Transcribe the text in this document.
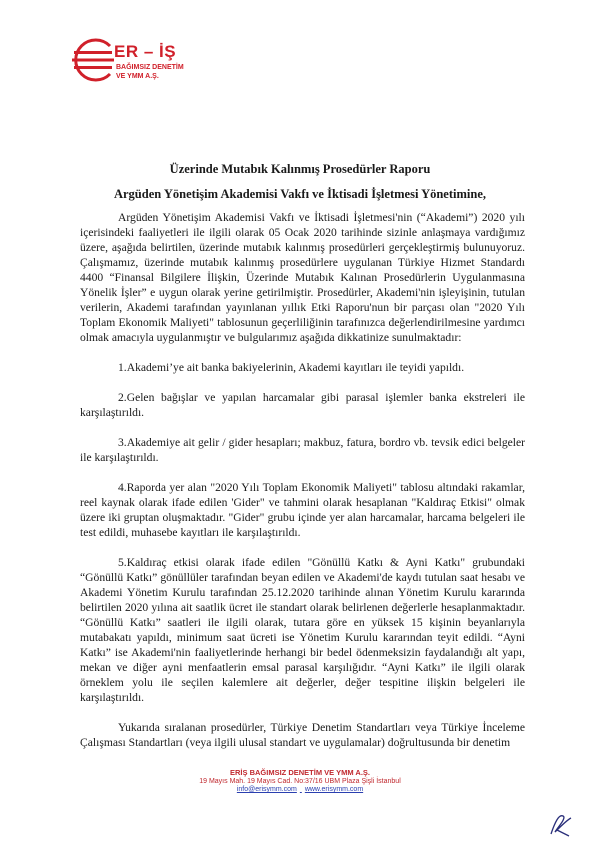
ER – İŞ
BAĞIMSIZ DENETİM
VE YMM A.Ş.
Üzerinde Mutabık Kalınmış Prosedürler Raporu
Argüden Yönetişim Akademisi Vakfı ve İktisadi İşletmesi Yönetimine,

Argüden Yönetişim Akademisi Vakfı ve İktisadi İşletmesi'nin (“Akademi”) 2020 yılı içerisindeki faaliyetleri ile ilgili olarak 05 Ocak 2020 tarihinde sizinle anlaşmaya vardığımız üzere, aşağıda belirtilen, üzerinde mutabık kalınmış prosedürleri gerçekleştirmiş bulunuyoruz. Çalışmamız, üzerinde mutabık kalınmış prosedürlere uygulanan Türkiye Hizmet Standardı 4400 “Finansal Bilgilere İlişkin, Üzerinde Mutabık Kalınan Prosedürlerin Uygulanmasına Yönelik İşler” e uygun olarak yerine getirilmiştir. Prosedürler, Akademi'nin işleyişinin, tutulan verilerin, Akademi tarafından yayınlanan yıllık Etki Raporu'nun bir parçası olan "2020 Yılı Toplam Ekonomik Maliyeti" tablosunun geçerliliğinin tarafınızca değerlendirilmesine yardımcı olmak amacıyla uygulanmıştır ve bulgularımız aşağıda dikkatinize sunulmaktadır:

1.Akademi’ye ait banka bakiyelerinin, Akademi kayıtları ile teyidi yapıldı.

2.Gelen bağışlar ve yapılan harcamalar gibi parasal işlemler banka ekstreleri ile karşılaştırıldı.

3.Akademiye ait gelir / gider hesapları; makbuz, fatura, bordro vb. tevsik edici belgeler ile karşılaştırıldı.

4.Raporda yer alan "2020 Yılı Toplam Ekonomik Maliyeti" tablosu altındaki rakamlar, reel kaynak olarak ifade edilen 'Gider" ve tahmini olarak hesaplanan "Kaldıraç Etkisi" olmak üzere iki gruptan oluşmaktadır. "Gider" grubu içinde yer alan harcamalar, harcama belgeleri ile test edildi, muhasebe kayıtları ile karşılaştırıldı.

5.Kaldıraç etkisi olarak ifade edilen "Gönüllü Katkı & Ayni Katkı" grubundaki “Gönüllü Katkı” gönüllüler tarafından beyan edilen ve Akademi'de kaydı tutulan saat hesabı ve Akademi Yönetim Kurulu tarafından 25.12.2020 tarihinde alınan Yönetim Kurulu kararında belirtilen 2020 yılına ait saatlik ücret ile standart olarak belirlenen değerlerle hesaplanmaktadır. “Gönüllü Katkı” saatleri ile ilgili olarak, tutara göre en yüksek 15 kişinin beyanlarıyla mutabakatı yapıldı, minimum saat ücreti ise Yönetim Kurulu kararından teyit edildi. “Ayni Katkı” ise Akademi'nin faaliyetlerinde herhangi bir bedel ödenmeksizin faydalandığı alt yapı, mekan ve diğer ayni menfaatlerin emsal parasal karşılığıdır. “Ayni Katkı” ile ilgili olarak örneklem yolu ile seçilen kalemlere ait değerler, değer tespitine ilişkin belgeleri ile karşılaştırıldı.

Yukarıda sıralanan prosedürler, Türkiye Denetim Standartları veya Türkiye İnceleme Çalışması Standartları (veya ilgili ulusal standart ve uygulamalar) doğrultusunda bir denetim

ERİŞ BAĞIMSIZ DENETİM VE YMM A.Ş.
19 Mayıs Mah. 19 Mayıs Cad. No:37/16 UBM Plaza Şişli İstanbul
info@erisymm.com www.erisymm.com
